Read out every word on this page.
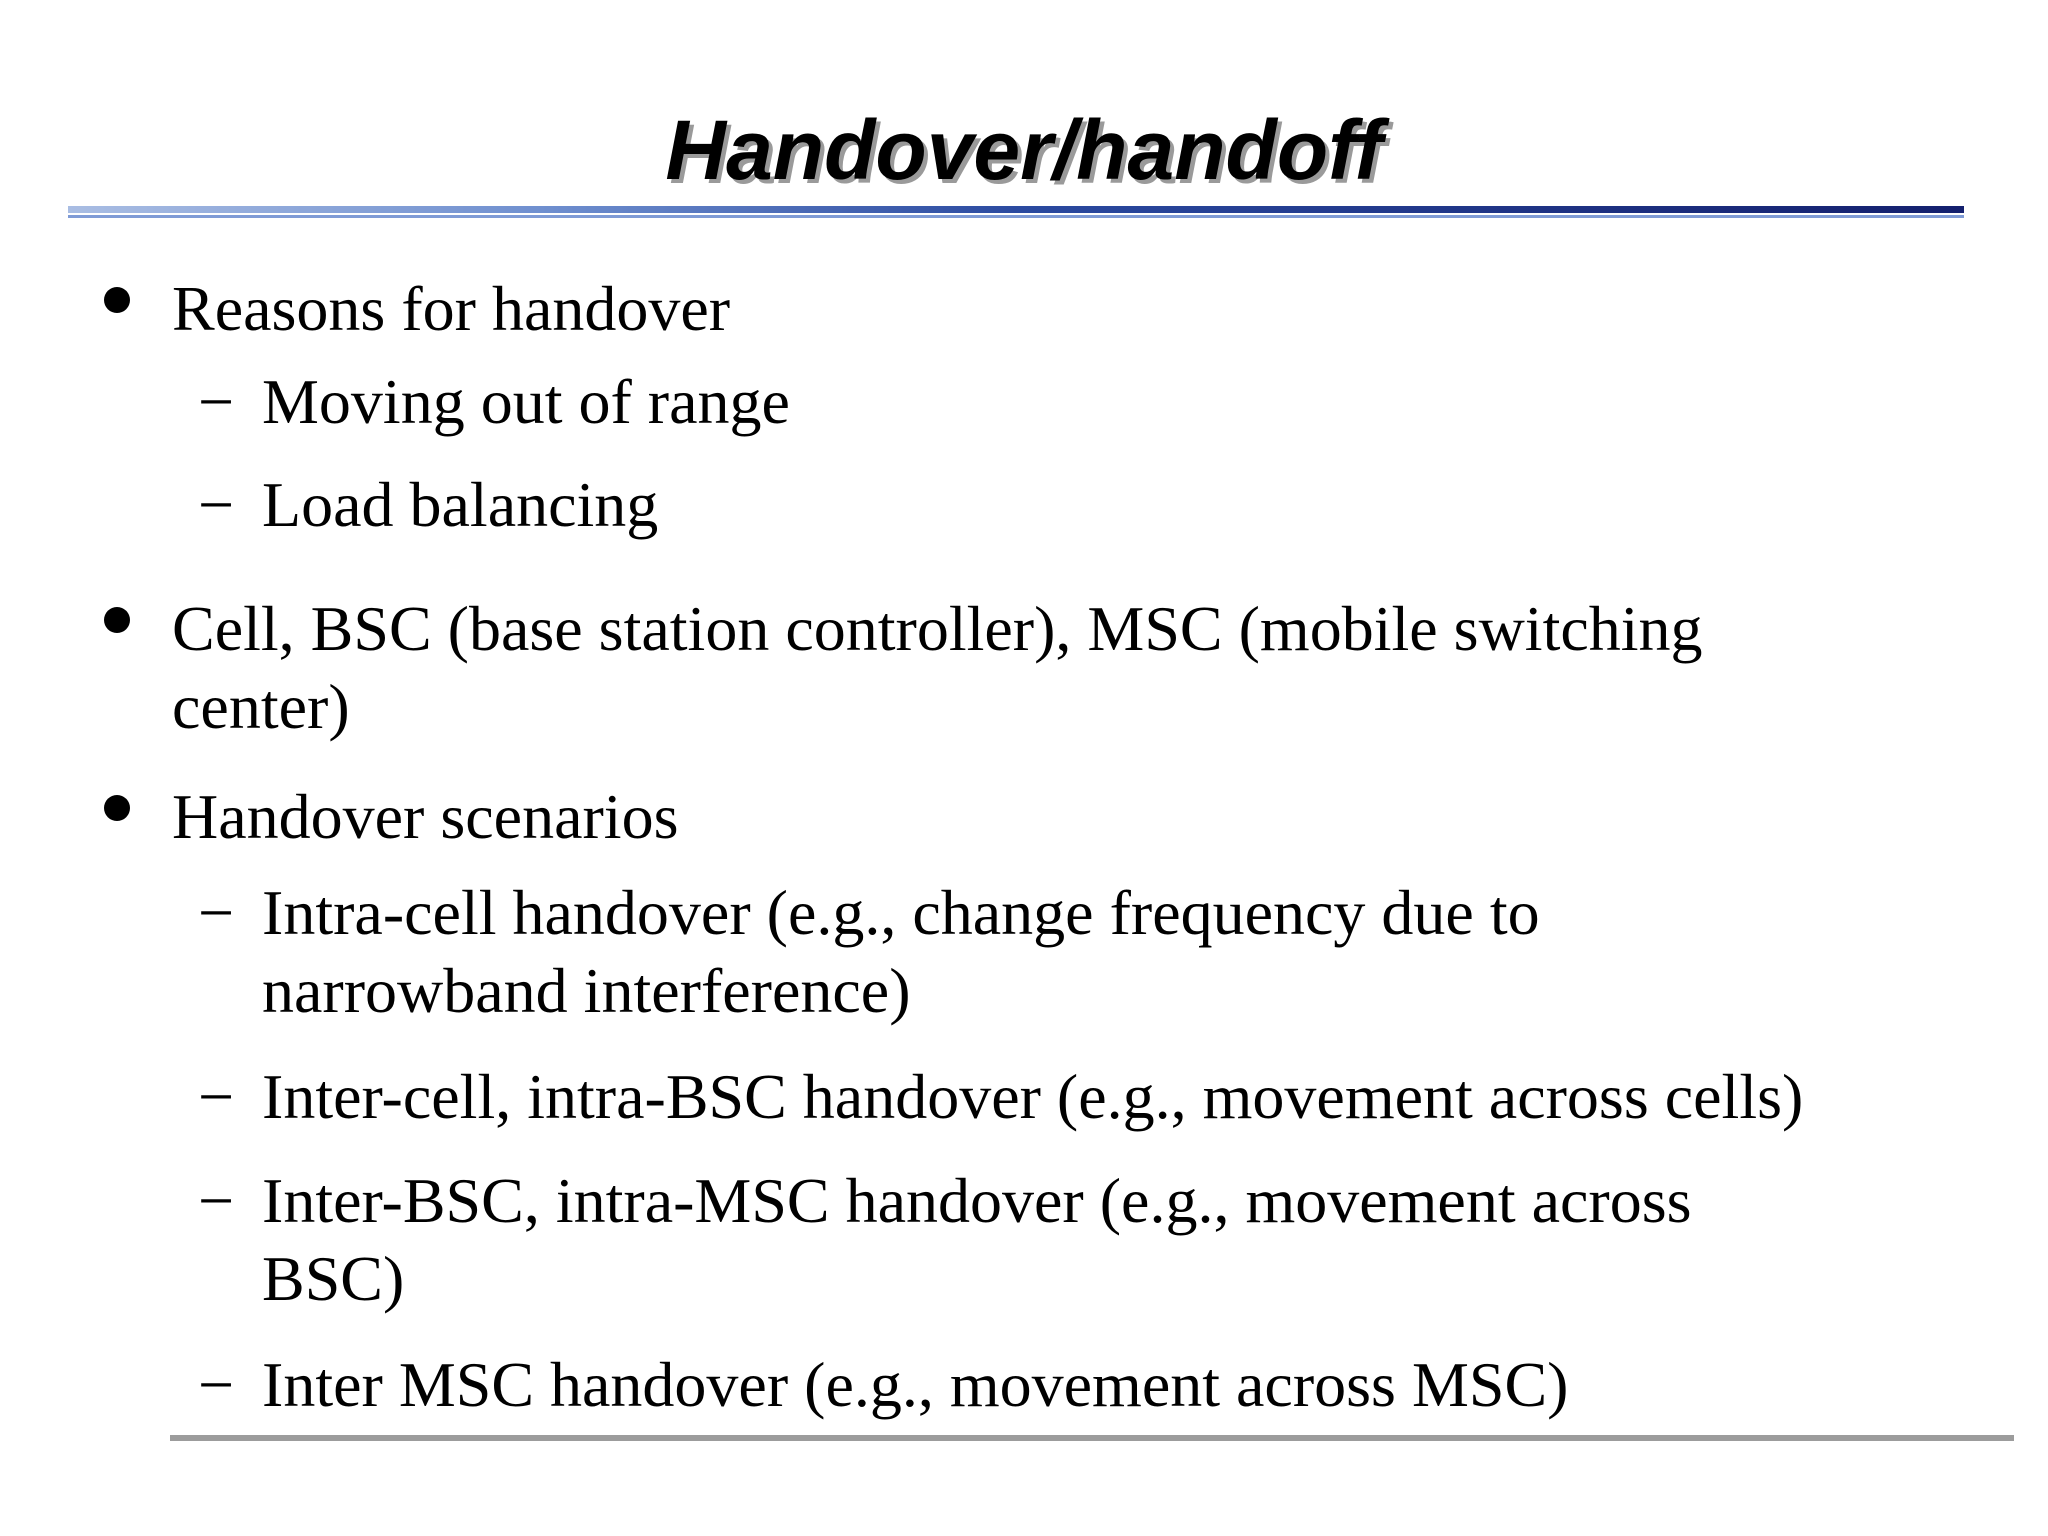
Handover/handoff

Reasons for handover

− Moving out of range

− Load balancing

Cell, BSC (base station controller), MSC (mobile switching

center)

Handover scenarios

− Intra-cell handover (e.g., change frequency due to

narrowband interference)

− Inter-cell, intra-BSC handover (e.g., movement across cells)

− Inter-BSC, intra-MSC handover (e.g., movement across

BSC)

− Inter MSC handover (e.g., movement across MSC)
